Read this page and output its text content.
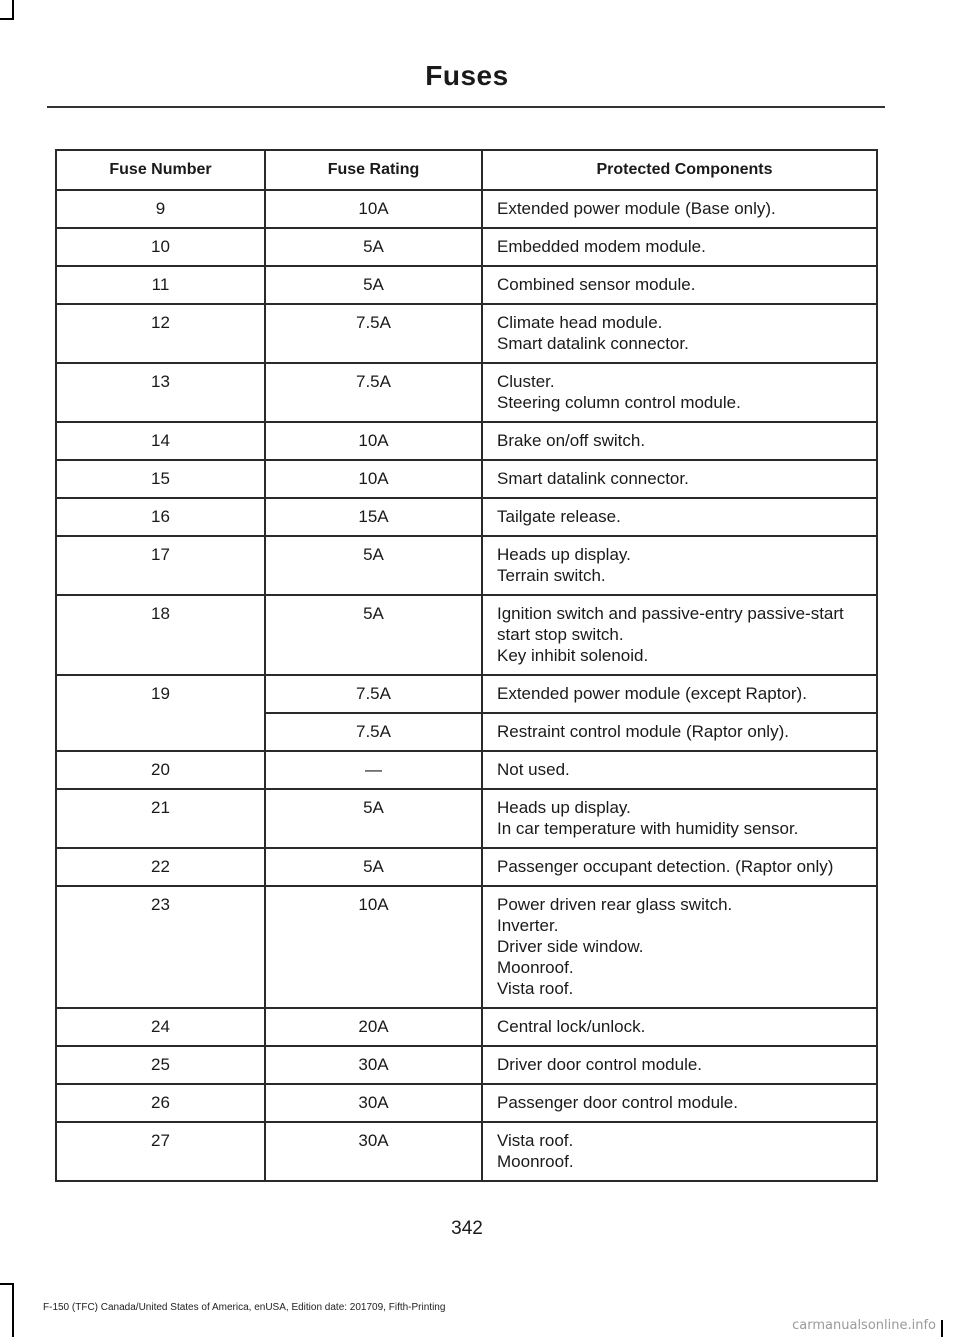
Fuses
Fuse Number	Fuse Rating	Protected Components
9	10A	Extended power module (Base only).

10	5A	Embedded modem module.

11	5A	Combined sensor module.

12	7.5A	Climate head module.
Smart datalink connector.

13	7.5A	Cluster.
Steering column control module.

14	10A	Brake on/off switch.

15	10A	Smart datalink connector.

16	15A	Tailgate release.

17	5A	Heads up display.
Terrain switch.

18	5A	Ignition switch and passive-entry passive-start start stop switch.
Key inhibit solenoid.

19	7.5A	Extended power module (except Raptor).

	7.5A	Restraint control module (Raptor only).

20	—	Not used.

21	5A	Heads up display.
In car temperature with humidity sensor.

22	5A	Passenger occupant detection. (Raptor only)

23	10A	Power driven rear glass switch.
Inverter.
Driver side window.
Moonroof.
Vista roof.

24	20A	Central lock/unlock.

25	30A	Driver door control module.

26	30A	Passenger door control module.

27	30A	Vista roof.
Moonroof.
342
F-150 (TFC) Canada/United States of America, enUSA, Edition date: 201709, Fifth-Printing
carmanualsonline.info
